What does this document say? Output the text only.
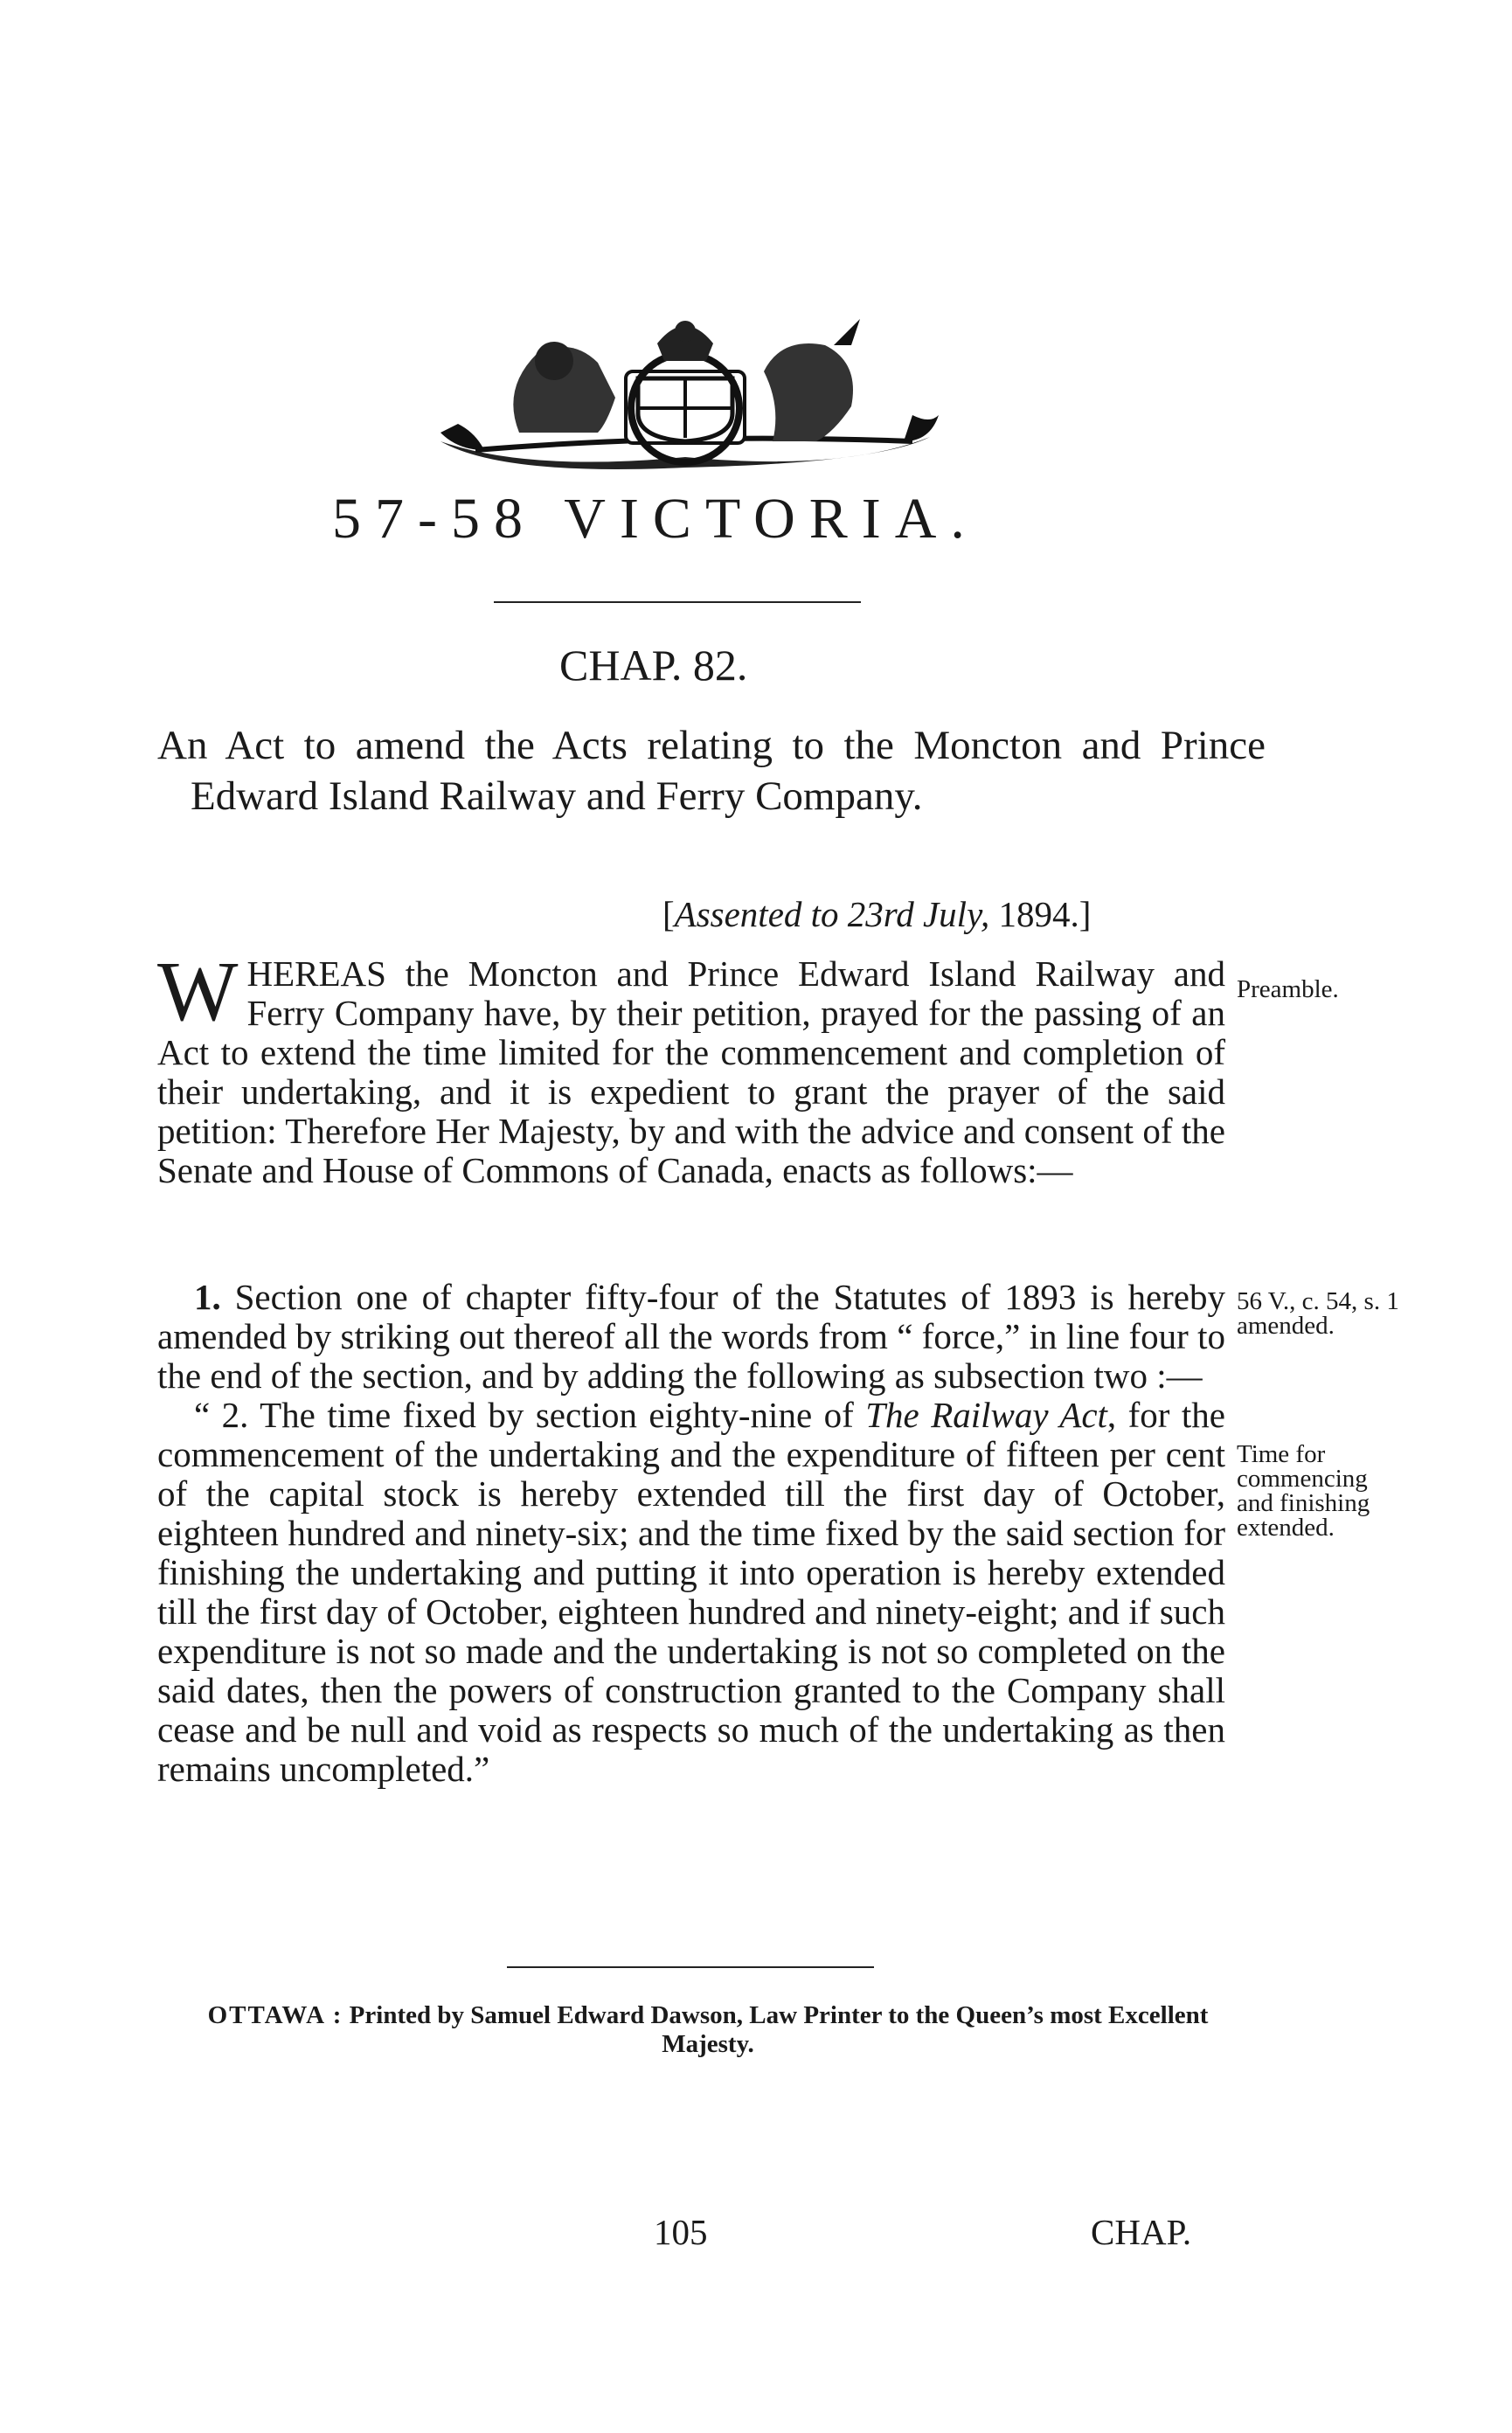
57-58 VICTORIA.
CHAP. 82.

An Act to amend the Acts relating to the Moncton and Prince Edward Island Railway and Ferry Company.

[Assented to 23rd July, 1894.]

WHEREAS the Moncton and Prince Edward Island Railway and Ferry Company have, by their petition, prayed for the passing of an Act to extend the time limited for the commencement and completion of their undertaking, and it is expedient to grant the prayer of the said petition: Therefore Her Majesty, by and with the advice and consent of the Senate and House of Commons of Canada, enacts as follows:—

1. Section one of chapter fifty-four of the Statutes of 1893 is hereby amended by striking out thereof all the words from “ force,” in line four to the end of the section, and by adding the following as subsection two :—
“ 2. The time fixed by section eighty-nine of The Railway Act, for the commencement of the undertaking and the expenditure of fifteen per cent of the capital stock is hereby extended till the first day of October, eighteen hundred and ninety-six; and the time fixed by the said section for finishing the undertaking and putting it into operation is hereby extended till the first day of October, eighteen hundred and ninety-eight; and if such expenditure is not so made and the undertaking is not so completed on the said dates, then the powers of construction granted to the Company shall cease and be null and void as respects so much of the undertaking as then remains uncompleted.”

Preamble.
56 V., c. 54, s. 1 amended.
Time for commencing and finishing extended.
OTTAWA : Printed by Samuel Edward Dawson, Law Printer to the Queen’s most Excellent Majesty.
105	CHAP.
